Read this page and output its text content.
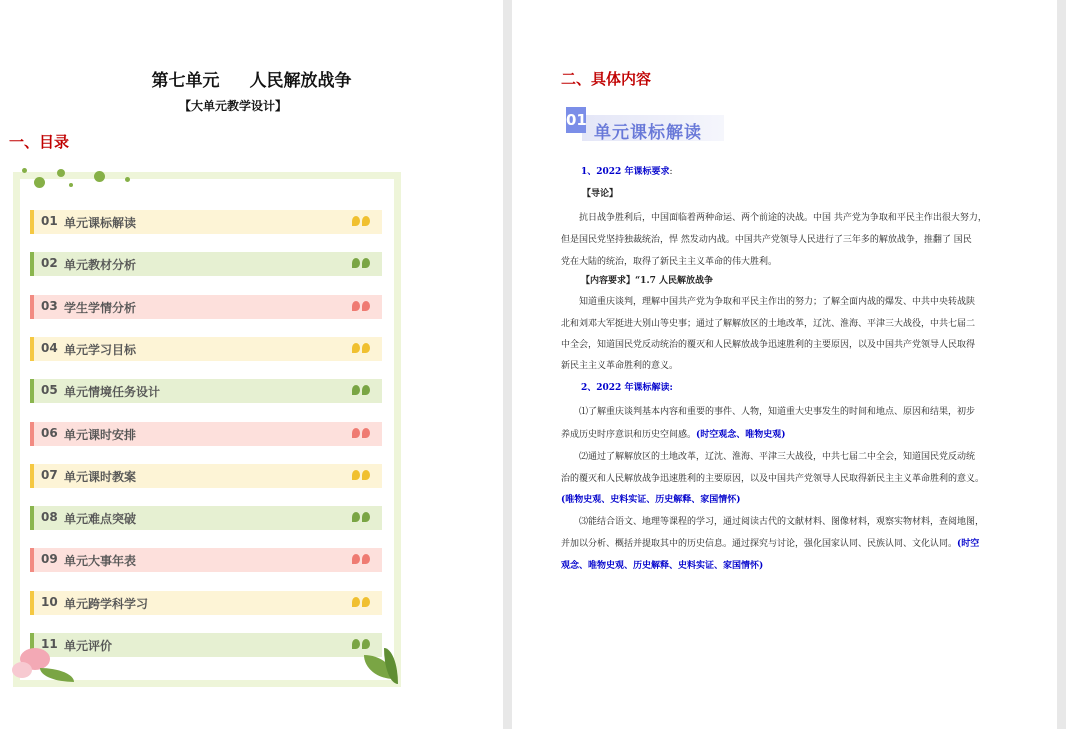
第七单元 人民解放战争
【大单元教学设计】
一、目录
01 单元课标解读
02 单元教材分析
03 学生学情分析
04 单元学习目标
05 单元情境任务设计
06 单元课时安排
07 单元课时教案
08 单元难点突破
09 单元大事年表
10 单元跨学科学习
11 单元评价
二、具体内容
01
单元课标解读
1、2022 年课标要求:
【导论】
抗日战争胜利后，中国面临着两种命运、两个前途的决战。中国 共产党为争取和平民主作出很大努力，
但是国民党坚持独裁统治，悍 然发动内战。中国共产党领导人民进行了三年多的解放战争，推翻了 国民
党在大陆的统治，取得了新民主主义革命的伟大胜利。
【内容要求】“1.7 人民解放战争
知道重庆谈判，理解中国共产党为争取和平民主作出的努力；了解全面内战的爆发、中共中央转战陕
北和刘邓大军挺进大别山等史事；通过了解解放区的土地改革，辽沈、淮海、平津三大战役，中共七届二
中全会，知道国民党反动统治的覆灭和人民解放战争迅速胜利的主要原因，以及中国共产党领导人民取得
新民主主义革命胜利的意义。
2、2022 年课标解读:
⑴了解重庆谈判基本内容和重要的事件、人物，知道重大史事发生的时间和地点、原因和结果，初步
养成历史时序意识和历史空间感。(时空观念、唯物史观)
⑵通过了解解放区的土地改革，辽沈、淮海、平津三大战役，中共七届二中全会，知道国民党反动统
治的覆灭和人民解放战争迅速胜利的主要原因，以及中国共产党领导人民取得新民主主义革命胜利的意义。
(唯物史观、史料实证、历史解释、家国情怀)
⑶能结合语文、地理等课程的学习，通过阅读古代的文献材料、图像材料，观察实物材料，查阅地图，
并加以分析、概括并提取其中的历史信息。通过探究与讨论，强化国家认同、民族认同、文化认同。(时空
观念、唯物史观、历史解释、史料实证、家国情怀)
